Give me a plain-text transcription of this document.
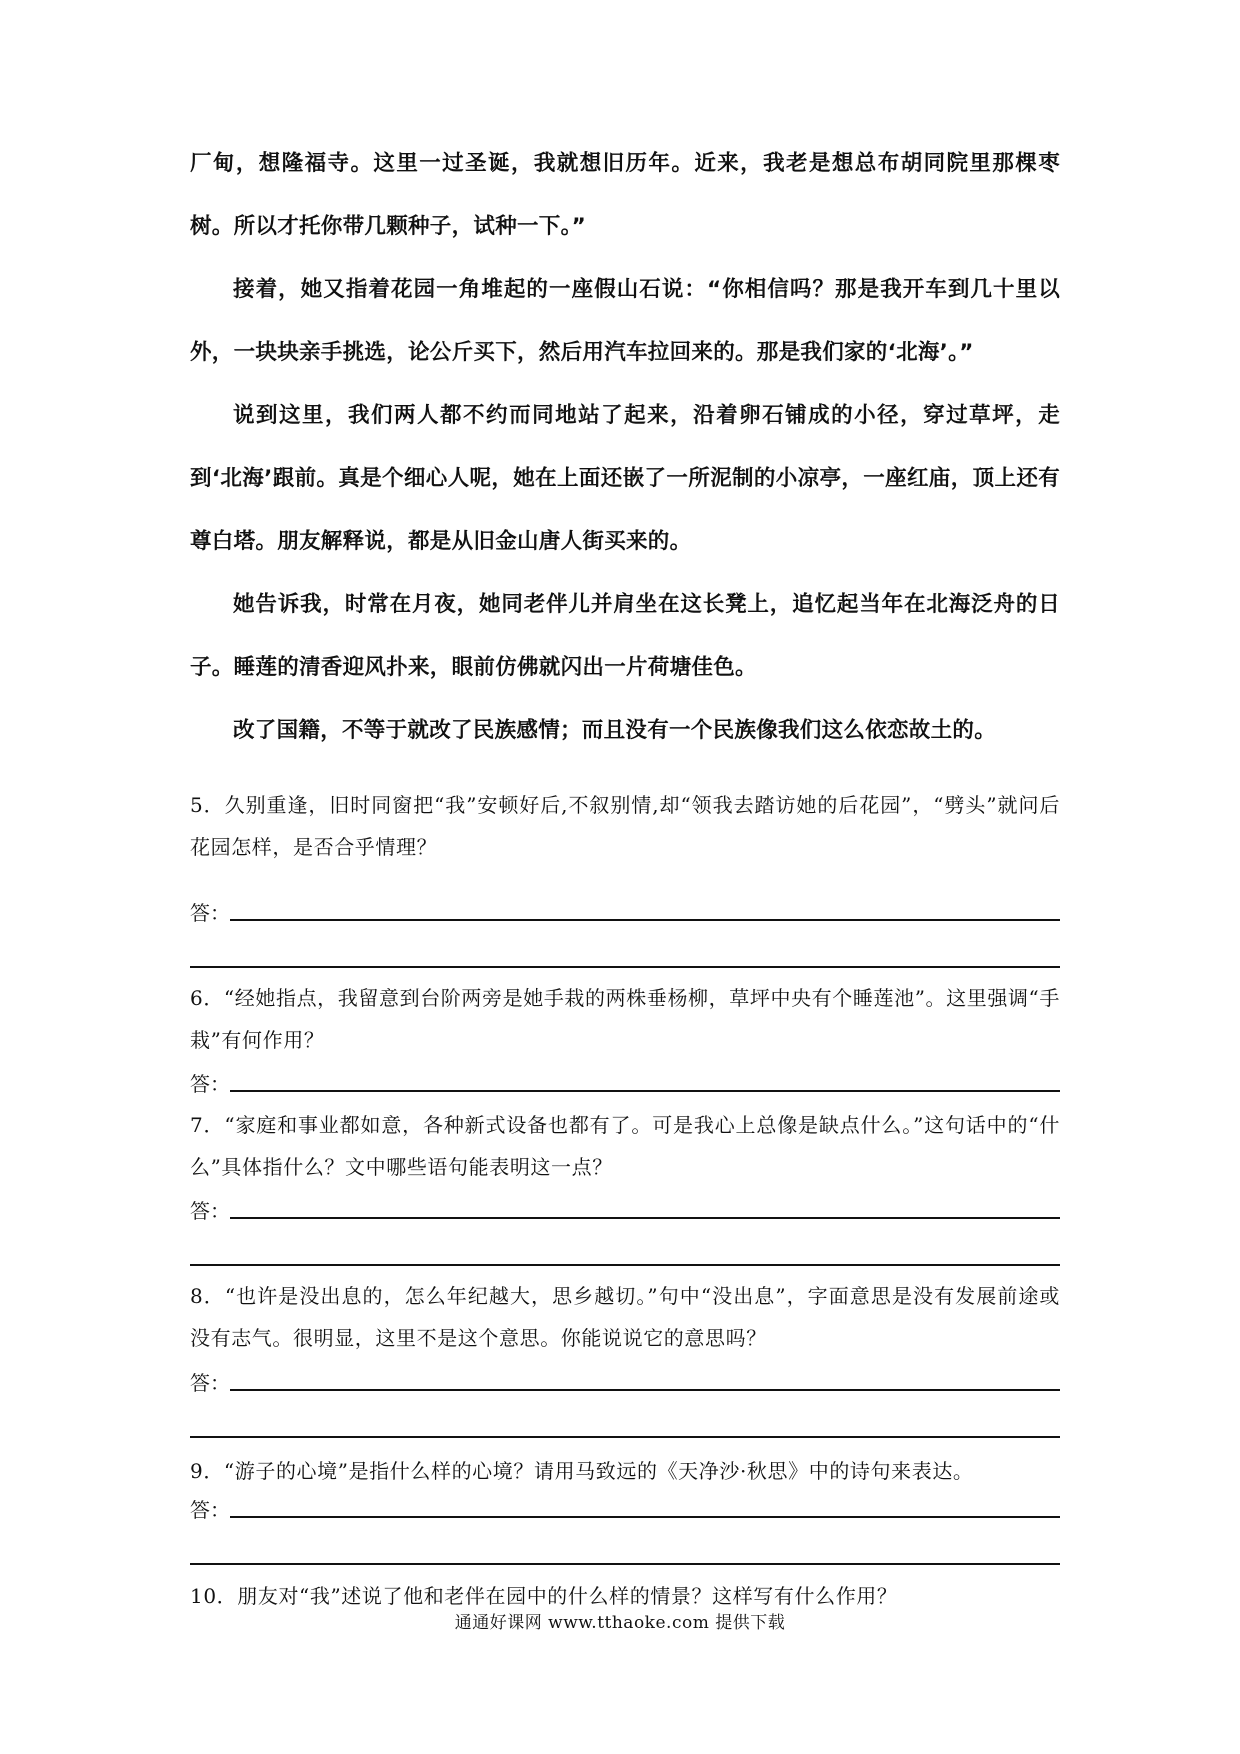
厂甸，想隆福寺。这里一过圣诞，我就想旧历年。近来，我老是想总布胡同院里那棵枣树。所以才托你带几颗种子，试种一下。”

接着，她又指着花园一角堆起的一座假山石说：“你相信吗？那是我开车到几十里以外，一块块亲手挑选，论公斤买下，然后用汽车拉回来的。那是我们家的‘北海’。”

说到这里，我们两人都不约而同地站了起来，沿着卵石铺成的小径，穿过草坪，走到‘北海’跟前。真是个细心人呢，她在上面还嵌了一所泥制的小凉亭，一座红庙，顶上还有尊白塔。朋友解释说，都是从旧金山唐人街买来的。

她告诉我，时常在月夜，她同老伴儿并肩坐在这长凳上，追忆起当年在北海泛舟的日子。睡莲的清香迎风扑来，眼前仿佛就闪出一片荷塘佳色。

改了国籍，不等于就改了民族感情；而且没有一个民族像我们这么依恋故土的。

5．久别重逢，旧时同窗把“我”安顿好后,不叙别情,却“领我去踏访她的后花园”，“劈头”就问后花园怎样，是否合乎情理？

答：

6．“经她指点，我留意到台阶两旁是她手栽的两株垂杨柳，草坪中央有个睡莲池”。这里强调“手栽”有何作用？

答：

7．“家庭和事业都如意，各种新式设备也都有了。可是我心上总像是缺点什么。”这句话中的“什么”具体指什么？文中哪些语句能表明这一点？

答：

8．“也许是没出息的，怎么年纪越大，思乡越切。”句中“没出息”，字面意思是没有发展前途或没有志气。很明显，这里不是这个意思。你能说说它的意思吗？

答：

9．“游子的心境”是指什么样的心境？请用马致远的《天净沙·秋思》中的诗句来表达。

答：

10．朋友对“我”述说了他和老伴在园中的什么样的情景？这样写有什么作用？

通通好课网 www.tthaoke.com 提供下载
